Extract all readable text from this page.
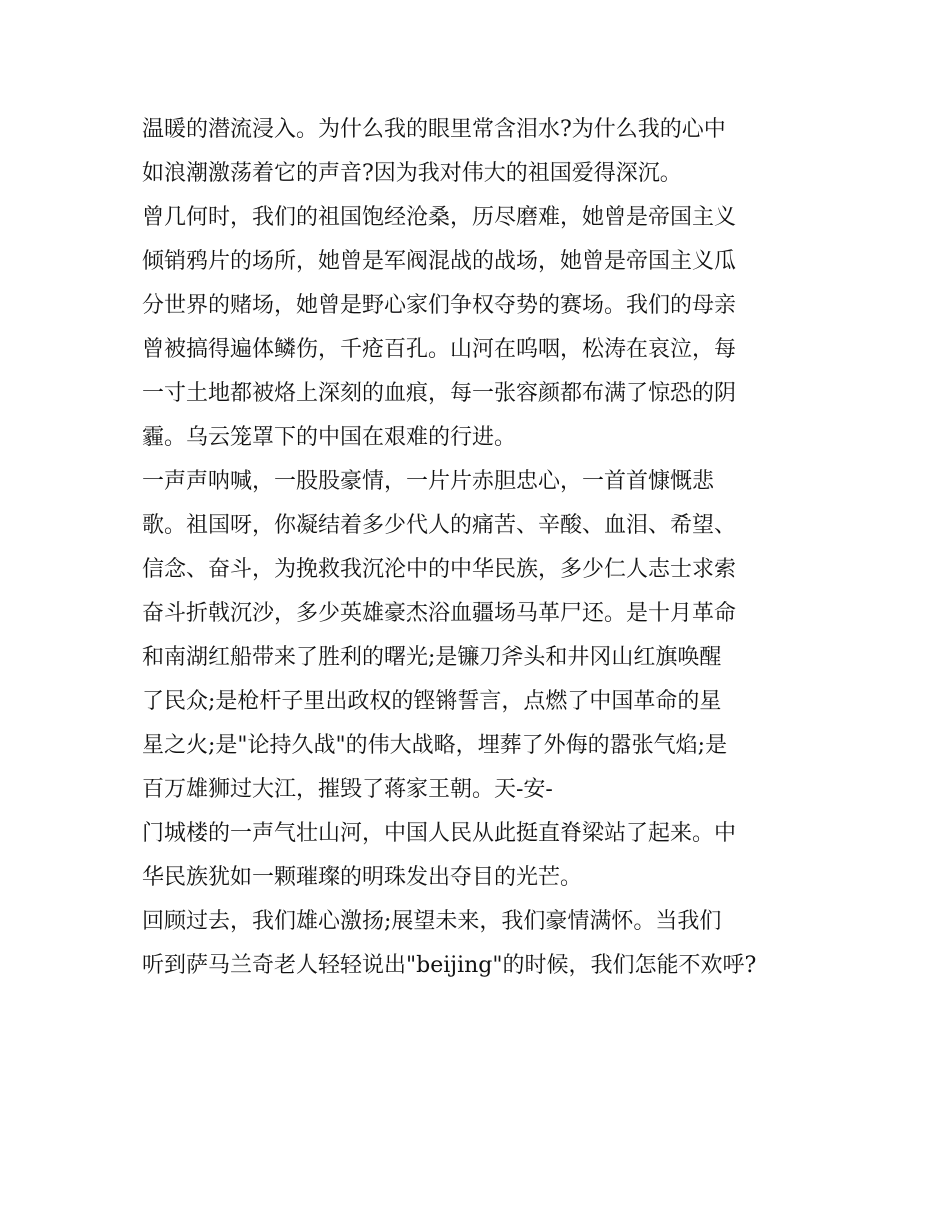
温暖的潜流浸入。为什么我的眼里常含泪水?为什么我的心中
如浪潮激荡着它的声音?因为我对伟大的祖国爱得深沉。
曾几何时，我们的祖国饱经沧桑，历尽磨难，她曾是帝国主义
倾销鸦片的场所，她曾是军阀混战的战场，她曾是帝国主义瓜
分世界的赌场，她曾是野心家们争权夺势的赛场。我们的母亲
曾被搞得遍体鳞伤，千疮百孔。山河在呜咽，松涛在哀泣，每
一寸土地都被烙上深刻的血痕，每一张容颜都布满了惊恐的阴
霾。乌云笼罩下的中国在艰难的行进。
一声声呐喊，一股股豪情，一片片赤胆忠心，一首首慷慨悲
歌。祖国呀，你凝结着多少代人的痛苦、辛酸、血泪、希望、
信念、奋斗，为挽救我沉沦中的中华民族，多少仁人志士求索
奋斗折戟沉沙，多少英雄豪杰浴血疆场马革尸还。是十月革命
和南湖红船带来了胜利的曙光;是镰刀斧头和井冈山红旗唤醒
了民众;是枪杆子里出政权的铿锵誓言，点燃了中国革命的星
星之火;是"论持久战"的伟大战略，埋葬了外侮的嚣张气焰;是
百万雄狮过大江，摧毁了蒋家王朝。天-安-
门城楼的一声气壮山河，中国人民从此挺直脊梁站了起来。中
华民族犹如一颗璀璨的明珠发出夺目的光芒。
回顾过去，我们雄心激扬;展望未来，我们豪情满怀。当我们
听到萨马兰奇老人轻轻说出"beijing"的时候，我们怎能不欢呼?
